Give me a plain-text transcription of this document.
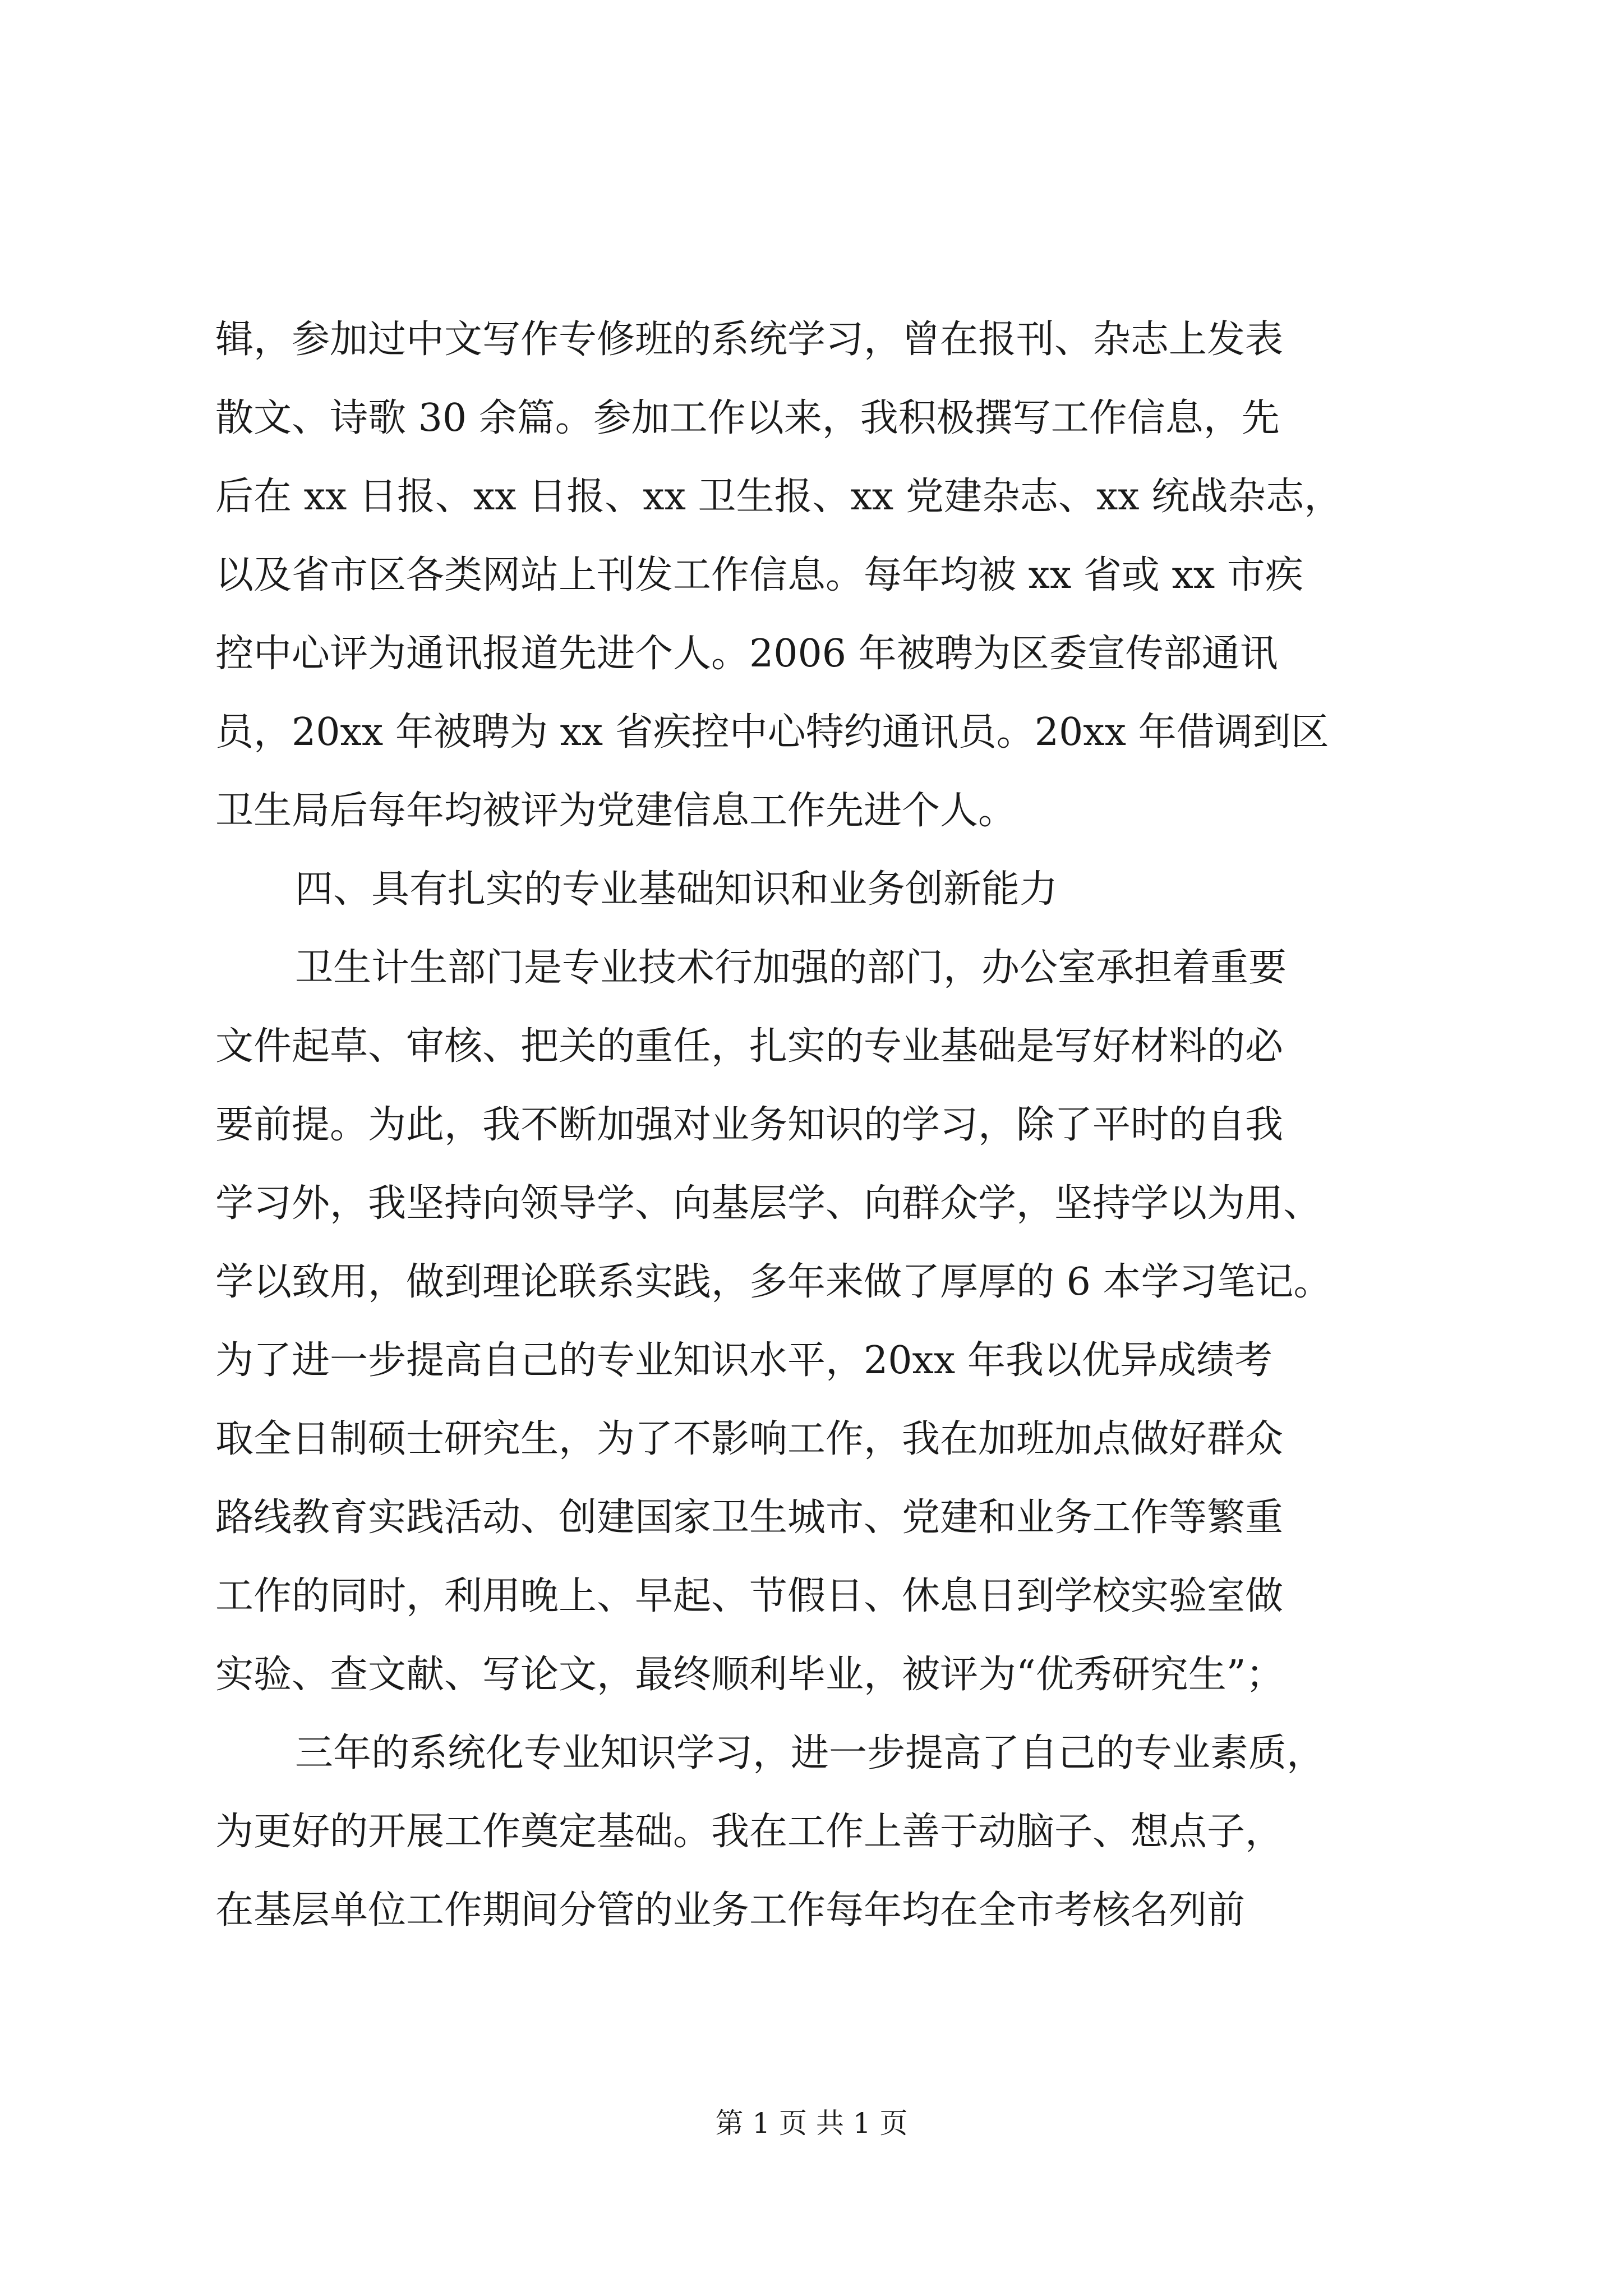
辑，参加过中文写作专修班的系统学习，曾在报刊、杂志上发表
散文、诗歌 30 余篇。参加工作以来，我积极撰写工作信息，先
后在 xx 日报、xx 日报、xx 卫生报、xx 党建杂志、xx 统战杂志，
以及省市区各类网站上刊发工作信息。每年均被 xx 省或 xx 市疾
控中心评为通讯报道先进个人。2006 年被聘为区委宣传部通讯
员，20xx 年被聘为 xx 省疾控中心特约通讯员。20xx 年借调到区
卫生局后每年均被评为党建信息工作先进个人。
四、具有扎实的专业基础知识和业务创新能力
卫生计生部门是专业技术行加强的部门，办公室承担着重要
文件起草、审核、把关的重任，扎实的专业基础是写好材料的必
要前提。为此，我不断加强对业务知识的学习，除了平时的自我
学习外，我坚持向领导学、向基层学、向群众学，坚持学以为用、
学以致用，做到理论联系实践，多年来做了厚厚的 6 本学习笔记。
为了进一步提高自己的专业知识水平，20xx 年我以优异成绩考
取全日制硕士研究生，为了不影响工作，我在加班加点做好群众
路线教育实践活动、创建国家卫生城市、党建和业务工作等繁重
工作的同时，利用晚上、早起、节假日、休息日到学校实验室做
实验、查文献、写论文，最终顺利毕业，被评为“优秀研究生”；
三年的系统化专业知识学习，进一步提高了自己的专业素质，
为更好的开展工作奠定基础。我在工作上善于动脑子、想点子，
在基层单位工作期间分管的业务工作每年均在全市考核名列前
第 1 页 共 1 页
